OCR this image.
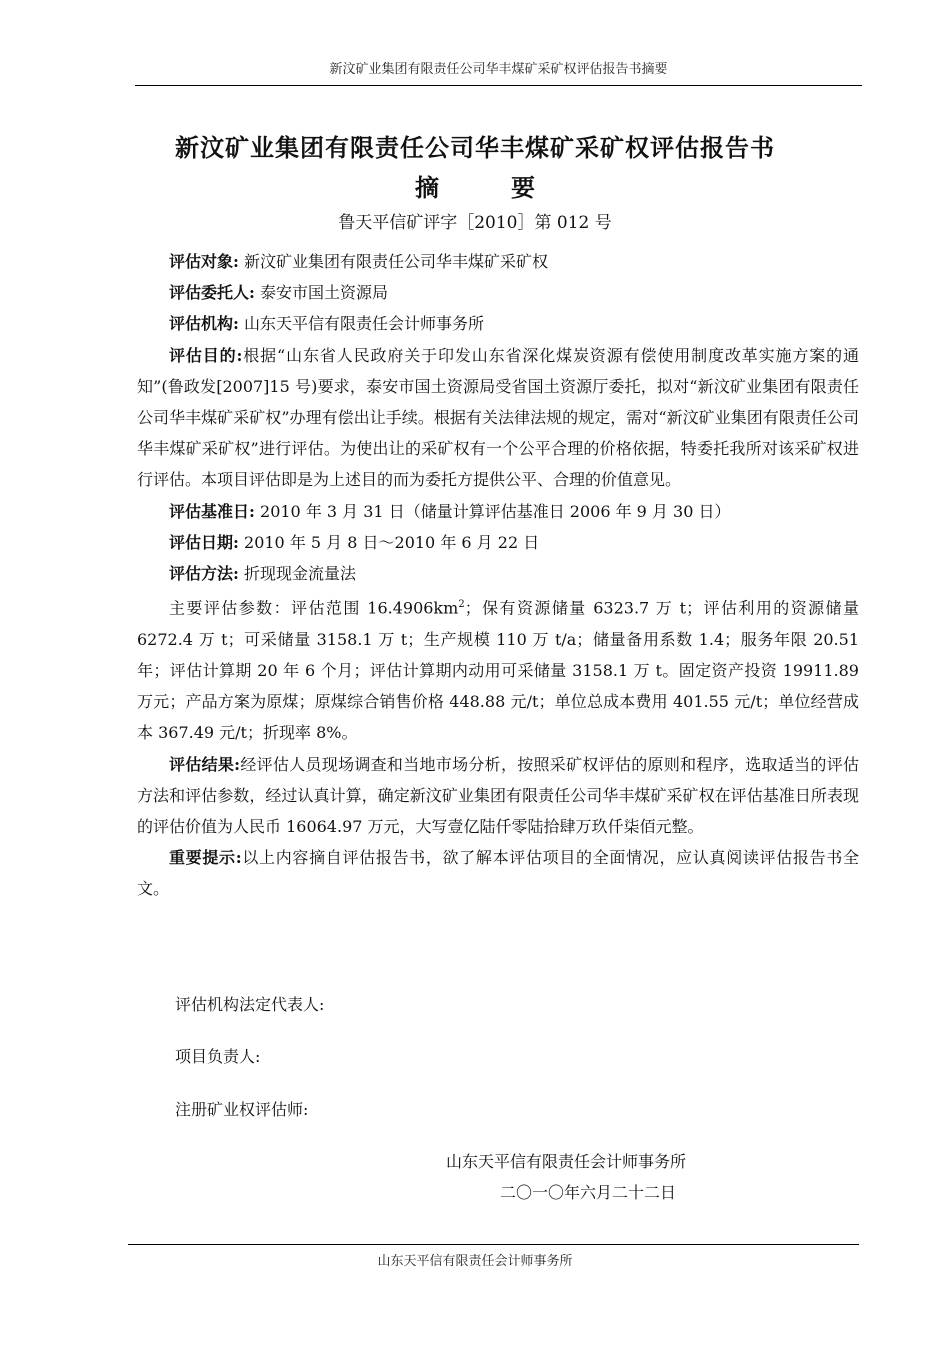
新汶矿业集团有限责任公司华丰煤矿采矿权评估报告书摘要
新汶矿业集团有限责任公司华丰煤矿采矿权评估报告书
摘　　　要
鲁天平信矿评字［2010］第 012 号

评估对象: 新汶矿业集团有限责任公司华丰煤矿采矿权

评估委托人: 泰安市国土资源局

评估机构: 山东天平信有限责任会计师事务所

评估目的:根据“山东省人民政府关于印发山东省深化煤炭资源有偿使用制度改革实施方案的通知”(鲁政发[2007]15 号)要求，泰安市国土资源局受省国土资源厅委托，拟对“新汶矿业集团有限责任公司华丰煤矿采矿权”办理有偿出让手续。根据有关法律法规的规定，需对“新汶矿业集团有限责任公司华丰煤矿采矿权”进行评估。为使出让的采矿权有一个公平合理的价格依据，特委托我所对该采矿权进行评估。本项目评估即是为上述目的而为委托方提供公平、合理的价值意见。

评估基准日: 2010 年 3 月 31 日（储量计算评估基准日 2006 年 9 月 30 日）

评估日期: 2010 年 5 月 8 日～2010 年 6 月 22 日

评估方法: 折现现金流量法

主要评估参数：评估范围 $16.4906km^2$；保有资源储量 6323.7 万 t；评估利用的资源储量 6272.4 万 t；可采储量 3158.1 万 t；生产规模 110 万 t/a；储量备用系数 1.4；服务年限 20.51 年；评估计算期 20 年 6 个月；评估计算期内动用可采储量 3158.1 万 t。固定资产投资 19911.89 万元；产品方案为原煤；原煤综合销售价格 448.88 元/t；单位总成本费用 401.55 元/t；单位经营成本 367.49 元/t；折现率 8%。

评估结果:经评估人员现场调查和当地市场分析，按照采矿权评估的原则和程序，选取适当的评估方法和评估参数，经过认真计算，确定新汶矿业集团有限责任公司华丰煤矿采矿权在评估基准日所表现的评估价值为人民币 16064.97 万元，大写壹亿陆仟零陆拾肆万玖仟柒佰元整。

重要提示:以上内容摘自评估报告书，欲了解本评估项目的全面情况，应认真阅读评估报告书全文。

评估机构法定代表人:
项目负责人:
注册矿业权评估师:
山东天平信有限责任会计师事务所
二〇一〇年六月二十二日
山东天平信有限责任会计师事务所
